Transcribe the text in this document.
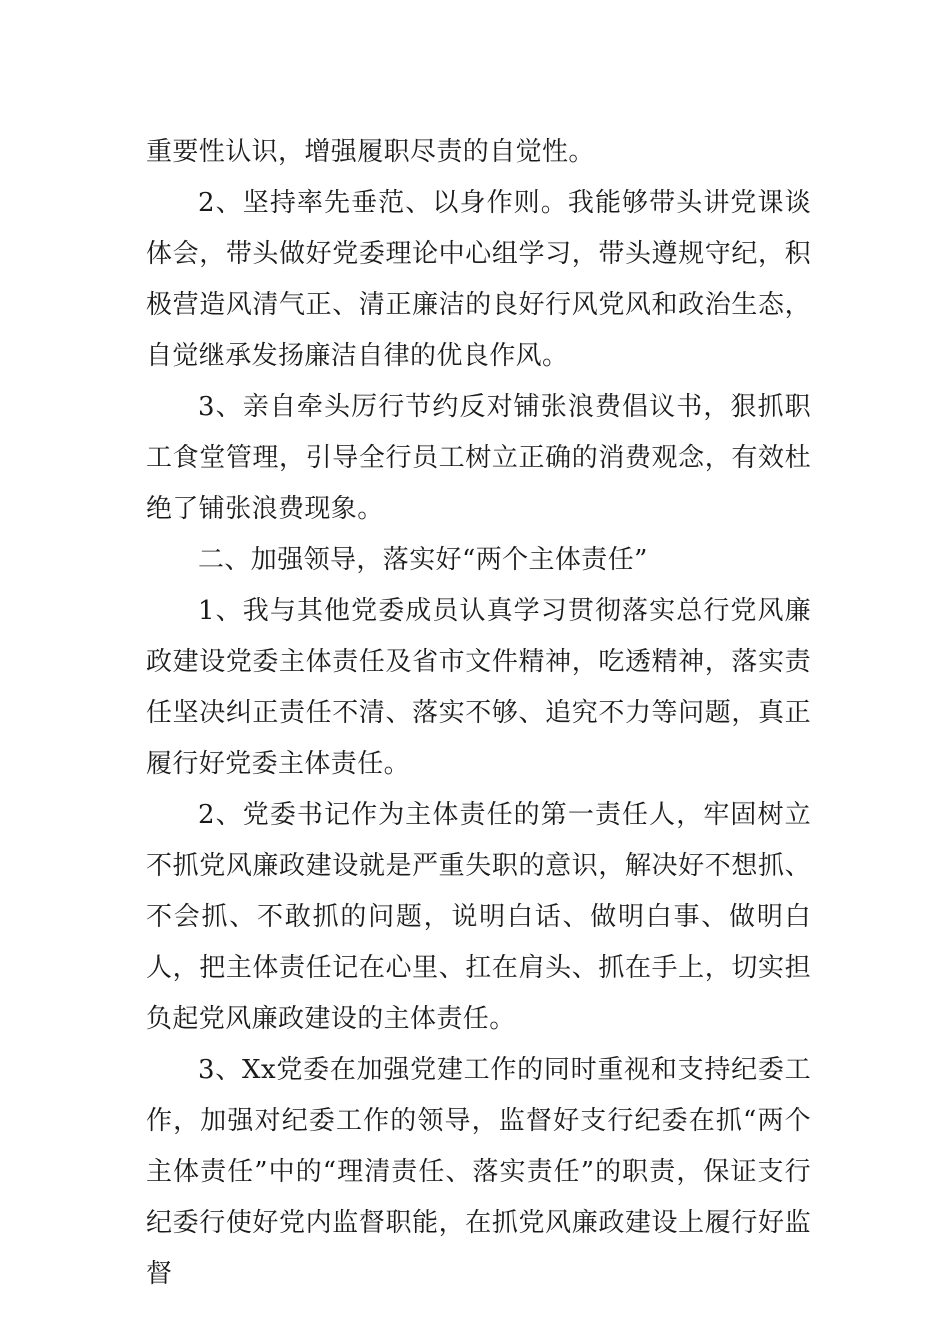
重要性认识，增强履职尽责的自觉性。

2、坚持率先垂范、以身作则。我能够带头讲党课谈体会，带头做好党委理论中心组学习，带头遵规守纪，积极营造风清气正、清正廉洁的良好行风党风和政治生态，自觉继承发扬廉洁自律的优良作风。

3、亲自牵头厉行节约反对铺张浪费倡议书，狠抓职工食堂管理，引导全行员工树立正确的消费观念，有效杜绝了铺张浪费现象。

二、加强领导，落实好“两个主体责任”

1、我与其他党委成员认真学习贯彻落实总行党风廉政建设党委主体责任及省市文件精神，吃透精神，落实责任坚决纠正责任不清、落实不够、追究不力等问题，真正履行好党委主体责任。

2、党委书记作为主体责任的第一责任人，牢固树立不抓党风廉政建设就是严重失职的意识，解决好不想抓、不会抓、不敢抓的问题，说明白话、做明白事、做明白人，把主体责任记在心里、扛在肩头、抓在手上，切实担负起党风廉政建设的主体责任。

3、Xx党委在加强党建工作的同时重视和支持纪委工作，加强对纪委工作的领导，监督好支行纪委在抓“两个主体责任”中的“理清责任、落实责任”的职责，保证支行纪委行使好党内监督职能，在抓党风廉政建设上履行好监督
